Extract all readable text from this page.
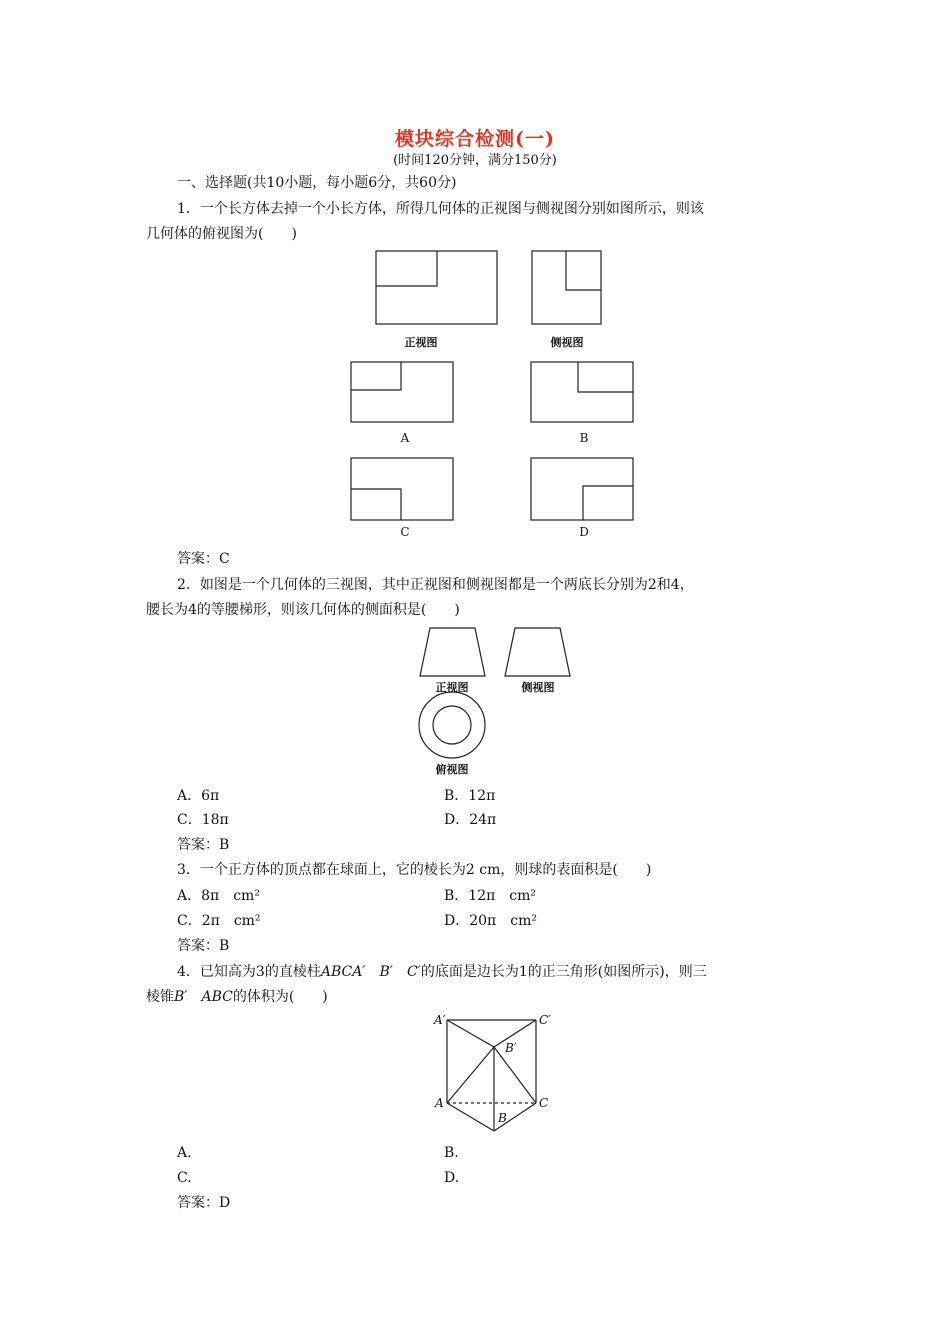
模块综合检测(一)
(时间120分钟，满分150分)
一、选择题(共10小题，每小题6分，共60分)
1．一个长方体去掉一个小长方体，所得几何体的正视图与侧视图分别如图所示，则该
几何体的俯视图为(　　)
正视图	侧视图
A	B
C	D
答案：C
2．如图是一个几何体的三视图，其中正视图和侧视图都是一个两底长分别为2和4，
腰长为4的等腰梯形，则该几何体的侧面积是(　　)
正视图	侧视图
俯视图
A．6π	B．12π
C．18π	D．24π
答案：B
3．一个正方体的顶点都在球面上，它的棱长为2 cm，则球的表面积是(　　)
A．8π　cm²	B．12π　cm²
C．2π　cm²	D．20π　cm²
答案：B
4．已知高为3的直棱柱ABCA′　B′　C′的底面是边长为1的正三角形(如图所示)，则三
棱锥B′　ABC的体积为(　　)
A′	C′
B′
A	C
B
A.	B.
C.	D.
答案：D
